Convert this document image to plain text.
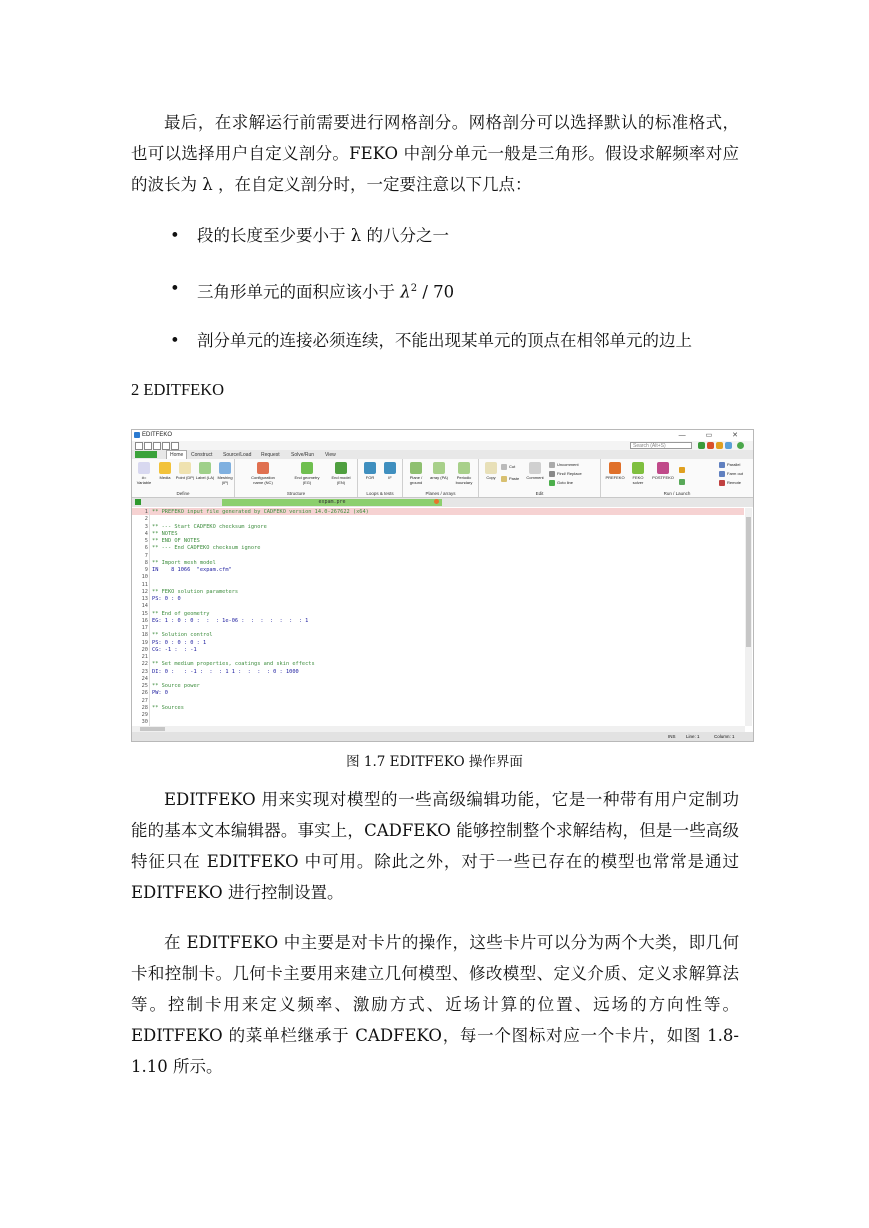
最后，在求解运行前需要进行网格剖分。网格剖分可以选择默认的标准格式，也可以选择用户自定义剖分。FEKO 中剖分单元一般是三角形。假设求解频率对应的波长为 λ ，在自定义剖分时，一定要注意以下几点：
• 段的长度至少要小于 λ 的八分之一
• 三角形单元的面积应该小于 $\lambda^2 / 70$
• 剖分单元的连接必须连续，不能出现某单元的顶点在相邻单元的边上
2 EDITFEKO
EDITFEKO	— ▭ ✕
Search (Alt+S)
Home	Construct	Source/Load	Request	Solve/Run	View
#= Variable
Media	Point (DP) Label (LA) Meshing (IP)
Define
Configuration name (NC)
End geometry (EG)
End model (EN)
Structure
FOR	IF
Loops & tests
Plane / ground
array (PA)	Periodic boundary
Planes / arrays
Copy
Cut
Paste	Comment
Uncomment
Find/ Replace
Goto line
Edit
PREFEKO	FEKO solver
POSTFEKO
Parallel
Farm out
Remote
Run / Launch
expam.pre
1 ** PREFEKO input file generated by CADFEKO version 14.0-267622 (x64)
2
3 ** --- Start CADFEKO checksum ignore
4 ** NOTES
5 ** END OF NOTES
6 ** --- End CADFEKO checksum ignore
7
8 ** Import mesh model
9 IN    8 1066  "expam.cfm"
10
11
12 ** FEKO solution parameters
13 PS: 0 : 0
14
15 ** End of geometry
16 EG: 1 : 0 : 0 :  :  : 1e-06 :  :  :  :  :  :  : 1
17
18 ** Solution control
19 PS: 0 : 0 : 0 : 1
20 CG: -1 :  : -1
21
22 ** Set medium properties, coatings and skin effects
23 DI: 0 :   : -1 :  :  : 1 1 :  :  :  : 0 : 1000
24
25 ** Source power
26 PW: 0
27
28 ** Sources
29
30
INS Line: 1	Column: 1
图 1.7 EDITFEKO 操作界面
EDITFEKO 用来实现对模型的一些高级编辑功能，它是一种带有用户定制功能的基本文本编辑器。事实上，CADFEKO 能够控制整个求解结构，但是一些高级特征只在 EDITFEKO 中可用。除此之外，对于一些已存在的模型也常常是通过 EDITFEKO 进行控制设置。
在 EDITFEKO 中主要是对卡片的操作，这些卡片可以分为两个大类，即几何卡和控制卡。几何卡主要用来建立几何模型、修改模型、定义介质、定义求解算法等。控制卡用来定义频率、激励方式、近场计算的位置、远场的方向性等。EDITFEKO 的菜单栏继承于 CADFEKO，每一个图标对应一个卡片，如图 1.8-1.10 所示。
